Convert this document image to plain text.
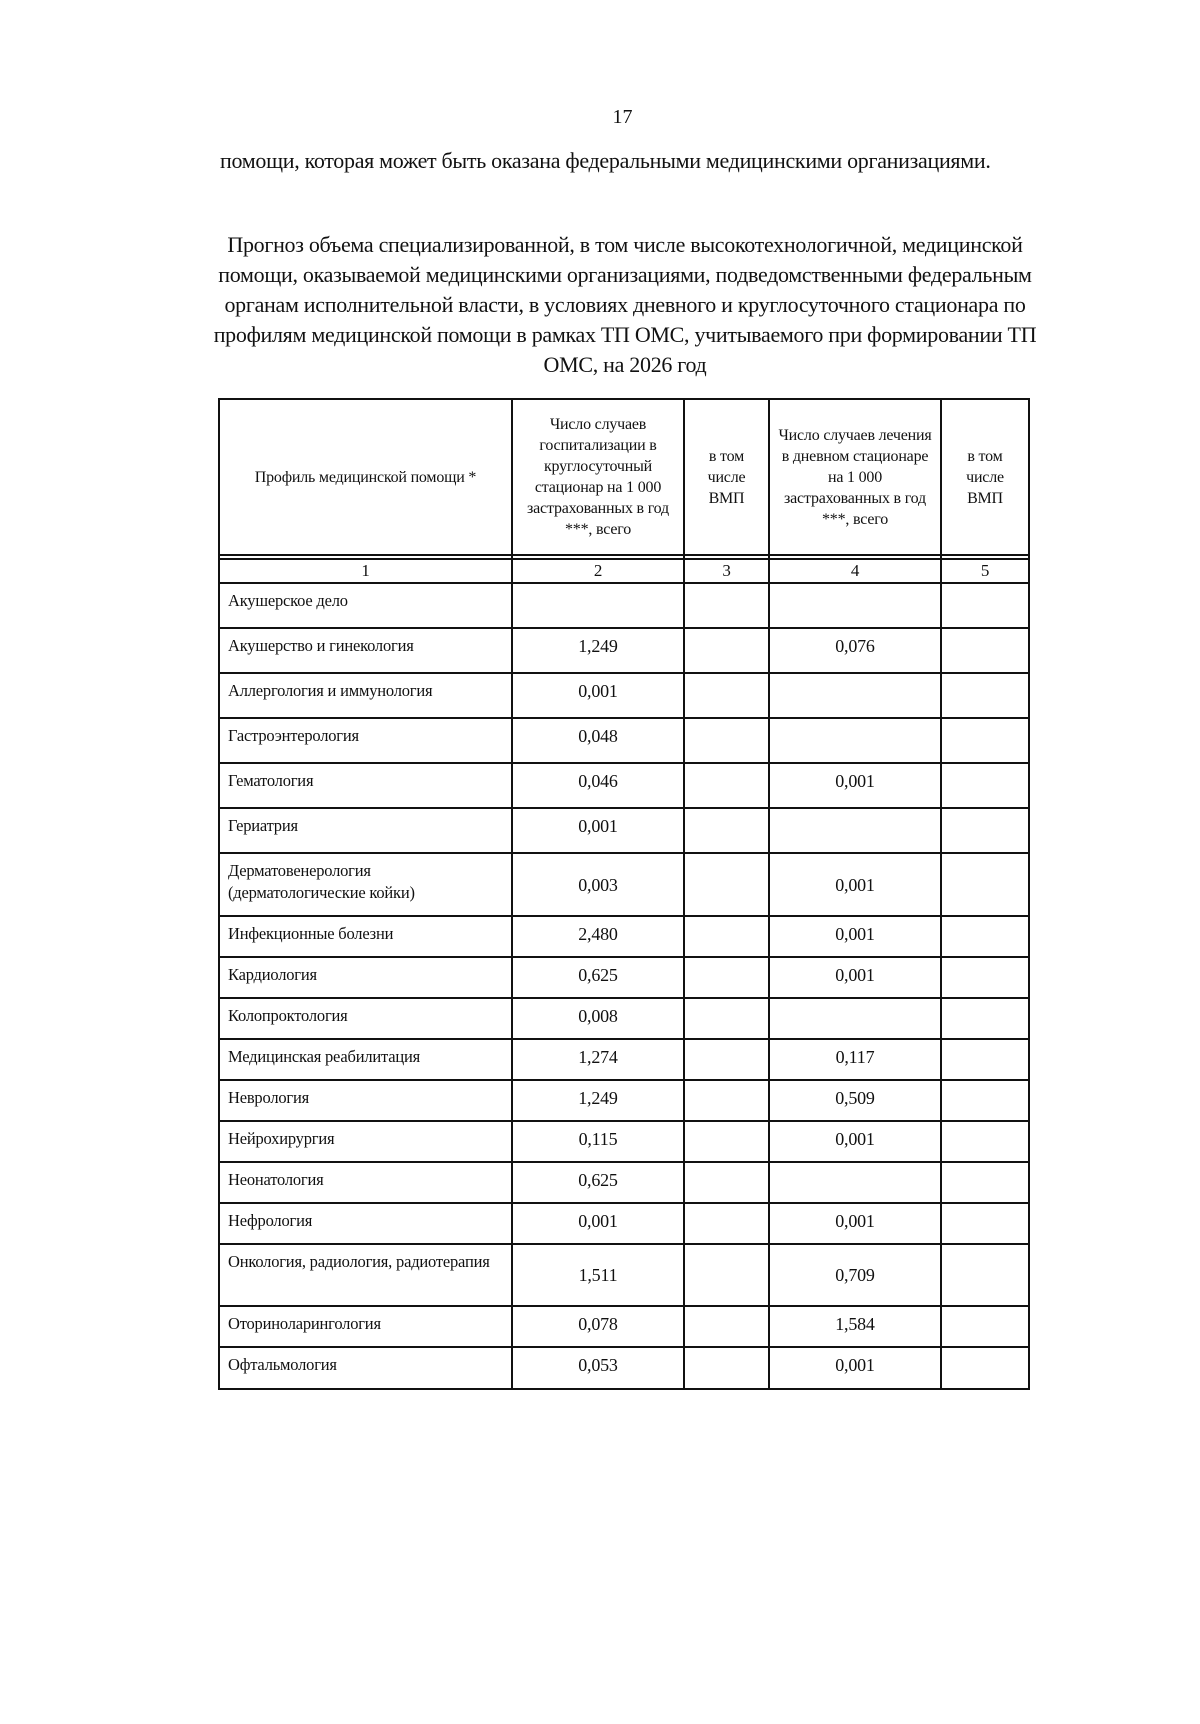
17
помощи, которая может быть оказана федеральными медицинскими организациями.
Прогноз объема специализированной, в том числе высокотехнологичной, медицинской помощи, оказываемой медицинскими организациями, подведомственными федеральным органам исполнительной власти, в условиях дневного и круглосуточного стационара по профилям медицинской помощи в рамках ТП ОМС, учитываемого при формировании ТП ОМС, на 2026 год
Профиль медицинской помощи *	Число случаев госпитализации в круглосуточный стационар на 1 000 застрахованных в год ***, всего	в том числе ВМП	Число случаев лечения в дневном стационаре на 1 000 застрахованных в год ***, всего	в том числе ВМП

1	2	3	4	5
Акушерское дело				
Акушерство и гинекология	1,249		0,076	
Аллергология и иммунология	0,001			
Гастроэнтерология	0,048			
Гематология	0,046		0,001	
Гериатрия	0,001			
Дерматовенерология (дерматологические койки)	0,003		0,001	
Инфекционные болезни	2,480		0,001	
Кардиология	0,625		0,001	
Колопроктология	0,008			
Медицинская реабилитация	1,274		0,117	
Неврология	1,249		0,509	
Нейрохирургия	0,115		0,001	
Неонатология	0,625			
Нефрология	0,001		0,001	
Онкология, радиология, радиотерапия	1,511		0,709	
Оториноларингология	0,078		1,584	
Офтальмология	0,053		0,001	
